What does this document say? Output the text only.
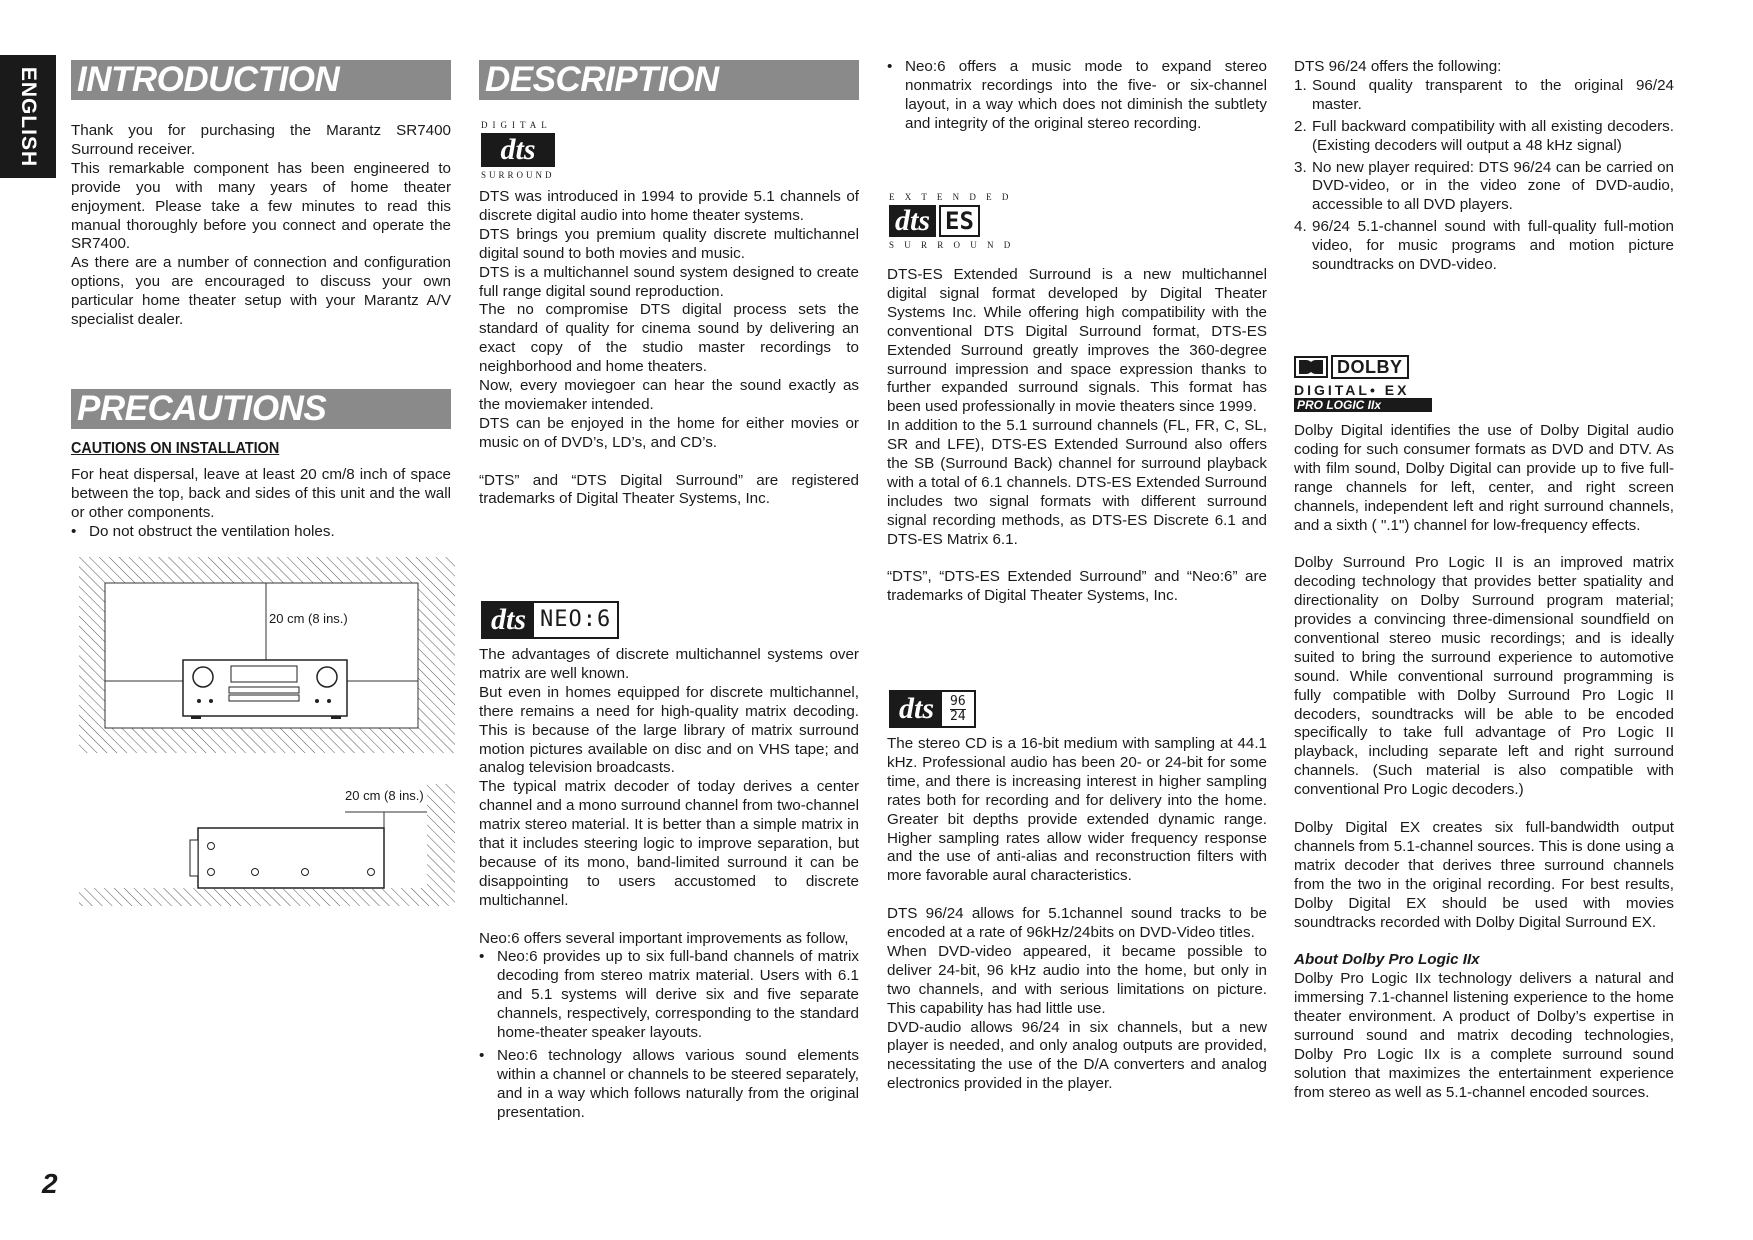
ENGLISH INTRODUCTION

Thank you for purchasing the Marantz SR7400 Surround receiver.

This remarkable component has been engineered to provide you with many years of home theater enjoyment. Please take a few minutes to read this manual thoroughly before you connect and operate the SR7400.

As there are a number of connection and configuration options, you are encouraged to discuss your own particular home theater setup with your Marantz A/V specialist dealer.

PRECAUTIONS
CAUTIONS ON INSTALLATION

For heat dispersal, leave at least 20 cm/8 inch of space between the top, back and sides of this unit and the wall or other components.

• Do not obstruct the ventilation holes.
20 cm (8 ins.)
20 cm (8 ins.)
DESCRIPTION
DIGITAL
dts
SURROUND

DTS was introduced in 1994 to provide 5.1 channels of discrete digital audio into home theater systems.

DTS brings you premium quality discrete multichannel digital sound to both movies and music.

DTS is a multichannel sound system designed to create full range digital sound reproduction.

The no compromise DTS digital process sets the standard of quality for cinema sound by delivering an exact copy of the studio master recordings to neighborhood and home theaters.

Now, every moviegoer can hear the sound exactly as the moviemaker intended.

DTS can be enjoyed in the home for either movies or music on of DVD’s, LD’s, and CD’s.

“DTS” and “DTS Digital Surround” are registered trademarks of Digital Theater Systems, Inc.

dts NEO:6

The advantages of discrete multichannel systems over matrix are well known.

But even in homes equipped for discrete multichannel, there remains a need for high-quality matrix decoding. This is because of the large library of matrix surround motion pictures available on disc and on VHS tape; and analog television broadcasts.

The typical matrix decoder of today derives a center channel and a mono surround channel from two-channel matrix stereo material. It is better than a simple matrix in that it includes steering logic to improve separation, but because of its mono, band-limited surround it can be disappointing to users accustomed to discrete multichannel.

Neo:6 offers several important improvements as follow,

• Neo:6 provides up to six full-band channels of matrix decoding from stereo matrix material. Users with 6.1 and 5.1 systems will derive six and five separate channels, respectively, corresponding to the standard home-theater speaker layouts.
• Neo:6 technology allows various sound elements within a channel or channels to be steered separately, and in a way which follows naturally from the original presentation.
• Neo:6 offers a music mode to expand stereo nonmatrix recordings into the five- or six-channel layout, in a way which does not diminish the subtlety and integrity of the original stereo recording.
E X T E N D E D
dts ES
S U R R O U N D

DTS-ES Extended Surround is a new multichannel digital signal format developed by Digital Theater Systems Inc. While offering high compatibility with the conventional DTS Digital Surround format, DTS-ES Extended Surround greatly improves the 360-degree surround impression and space expression thanks to further expanded surround signals. This format has been used professionally in movie theaters since 1999.

In addition to the 5.1 surround channels (FL, FR, C, SL, SR and LFE), DTS-ES Extended Surround also offers the SB (Surround Back) channel for surround playback with a total of 6.1 channels. DTS-ES Extended Surround includes two signal formats with different surround signal recording methods, as DTS-ES Discrete 6.1 and DTS-ES Matrix 6.1.

“DTS”, “DTS-ES Extended Surround” and “Neo:6” are trademarks of Digital Theater Systems, Inc.

dts	96
24

The stereo CD is a 16-bit medium with sampling at 44.1 kHz. Professional audio has been 20- or 24-bit for some time, and there is increasing interest in higher sampling rates both for recording and for delivery into the home. Greater bit depths provide extended dynamic range. Higher sampling rates allow wider frequency response and the use of anti-alias and reconstruction filters with more favorable aural characteristics.

DTS 96/24 allows for 5.1channel sound tracks to be encoded at a rate of 96kHz/24bits on DVD-Video titles.

When DVD-video appeared, it became possible to deliver 24-bit, 96 kHz audio into the home, but only in two channels, and with serious limitations on picture. This capability has had little use.

DVD-audio allows 96/24 in six channels, but a new player is needed, and only analog outputs are provided, necessitating the use of the D/A converters and analog electronics provided in the player.

DTS 96/24 offers the following:

1. Sound quality transparent to the original 96/24 master.
2. Full backward compatibility with all existing decoders. (Existing decoders will output a 48 kHz signal)
3. No new player required: DTS 96/24 can be carried on DVD-video, or in the video zone of DVD-audio, accessible to all DVD players.
4. 96/24 5.1-channel sound with full-quality full-motion video, for music programs and motion picture soundtracks on DVD-video.
DOLBY
DIGITAL• EX
PRO LOGIC IIx

Dolby Digital identifies the use of Dolby Digital audio coding for such consumer formats as DVD and DTV. As with film sound, Dolby Digital can provide up to five full-range channels for left, center, and right screen channels, independent left and right surround channels, and a sixth ( ".1") channel for low-frequency effects.

Dolby Surround Pro Logic II is an improved matrix decoding technology that provides better spatiality and directionality on Dolby Surround program material; provides a convincing three-dimensional soundfield on conventional stereo music recordings; and is ideally suited to bring the surround experience to automotive sound. While conventional surround programming is fully compatible with Dolby Surround Pro Logic II decoders, soundtracks will be able to be encoded specifically to take full advantage of Pro Logic II playback, including separate left and right surround channels. (Such material is also compatible with conventional Pro Logic decoders.)

Dolby Digital EX creates six full-bandwidth output channels from 5.1-channel sources. This is done using a matrix decoder that derives three surround channels from the two in the original recording. For best results, Dolby Digital EX should be used with movies soundtracks recorded with Dolby Digital Surround EX.

About Dolby Pro Logic IIx

Dolby Pro Logic IIx technology delivers a natural and immersing 7.1-channel listening experience to the home theater environment. A product of Dolby’s expertise in surround sound and matrix decoding technologies, Dolby Pro Logic IIx is a complete surround sound solution that maximizes the entertainment experience from stereo as well as 5.1-channel encoded sources.

2
